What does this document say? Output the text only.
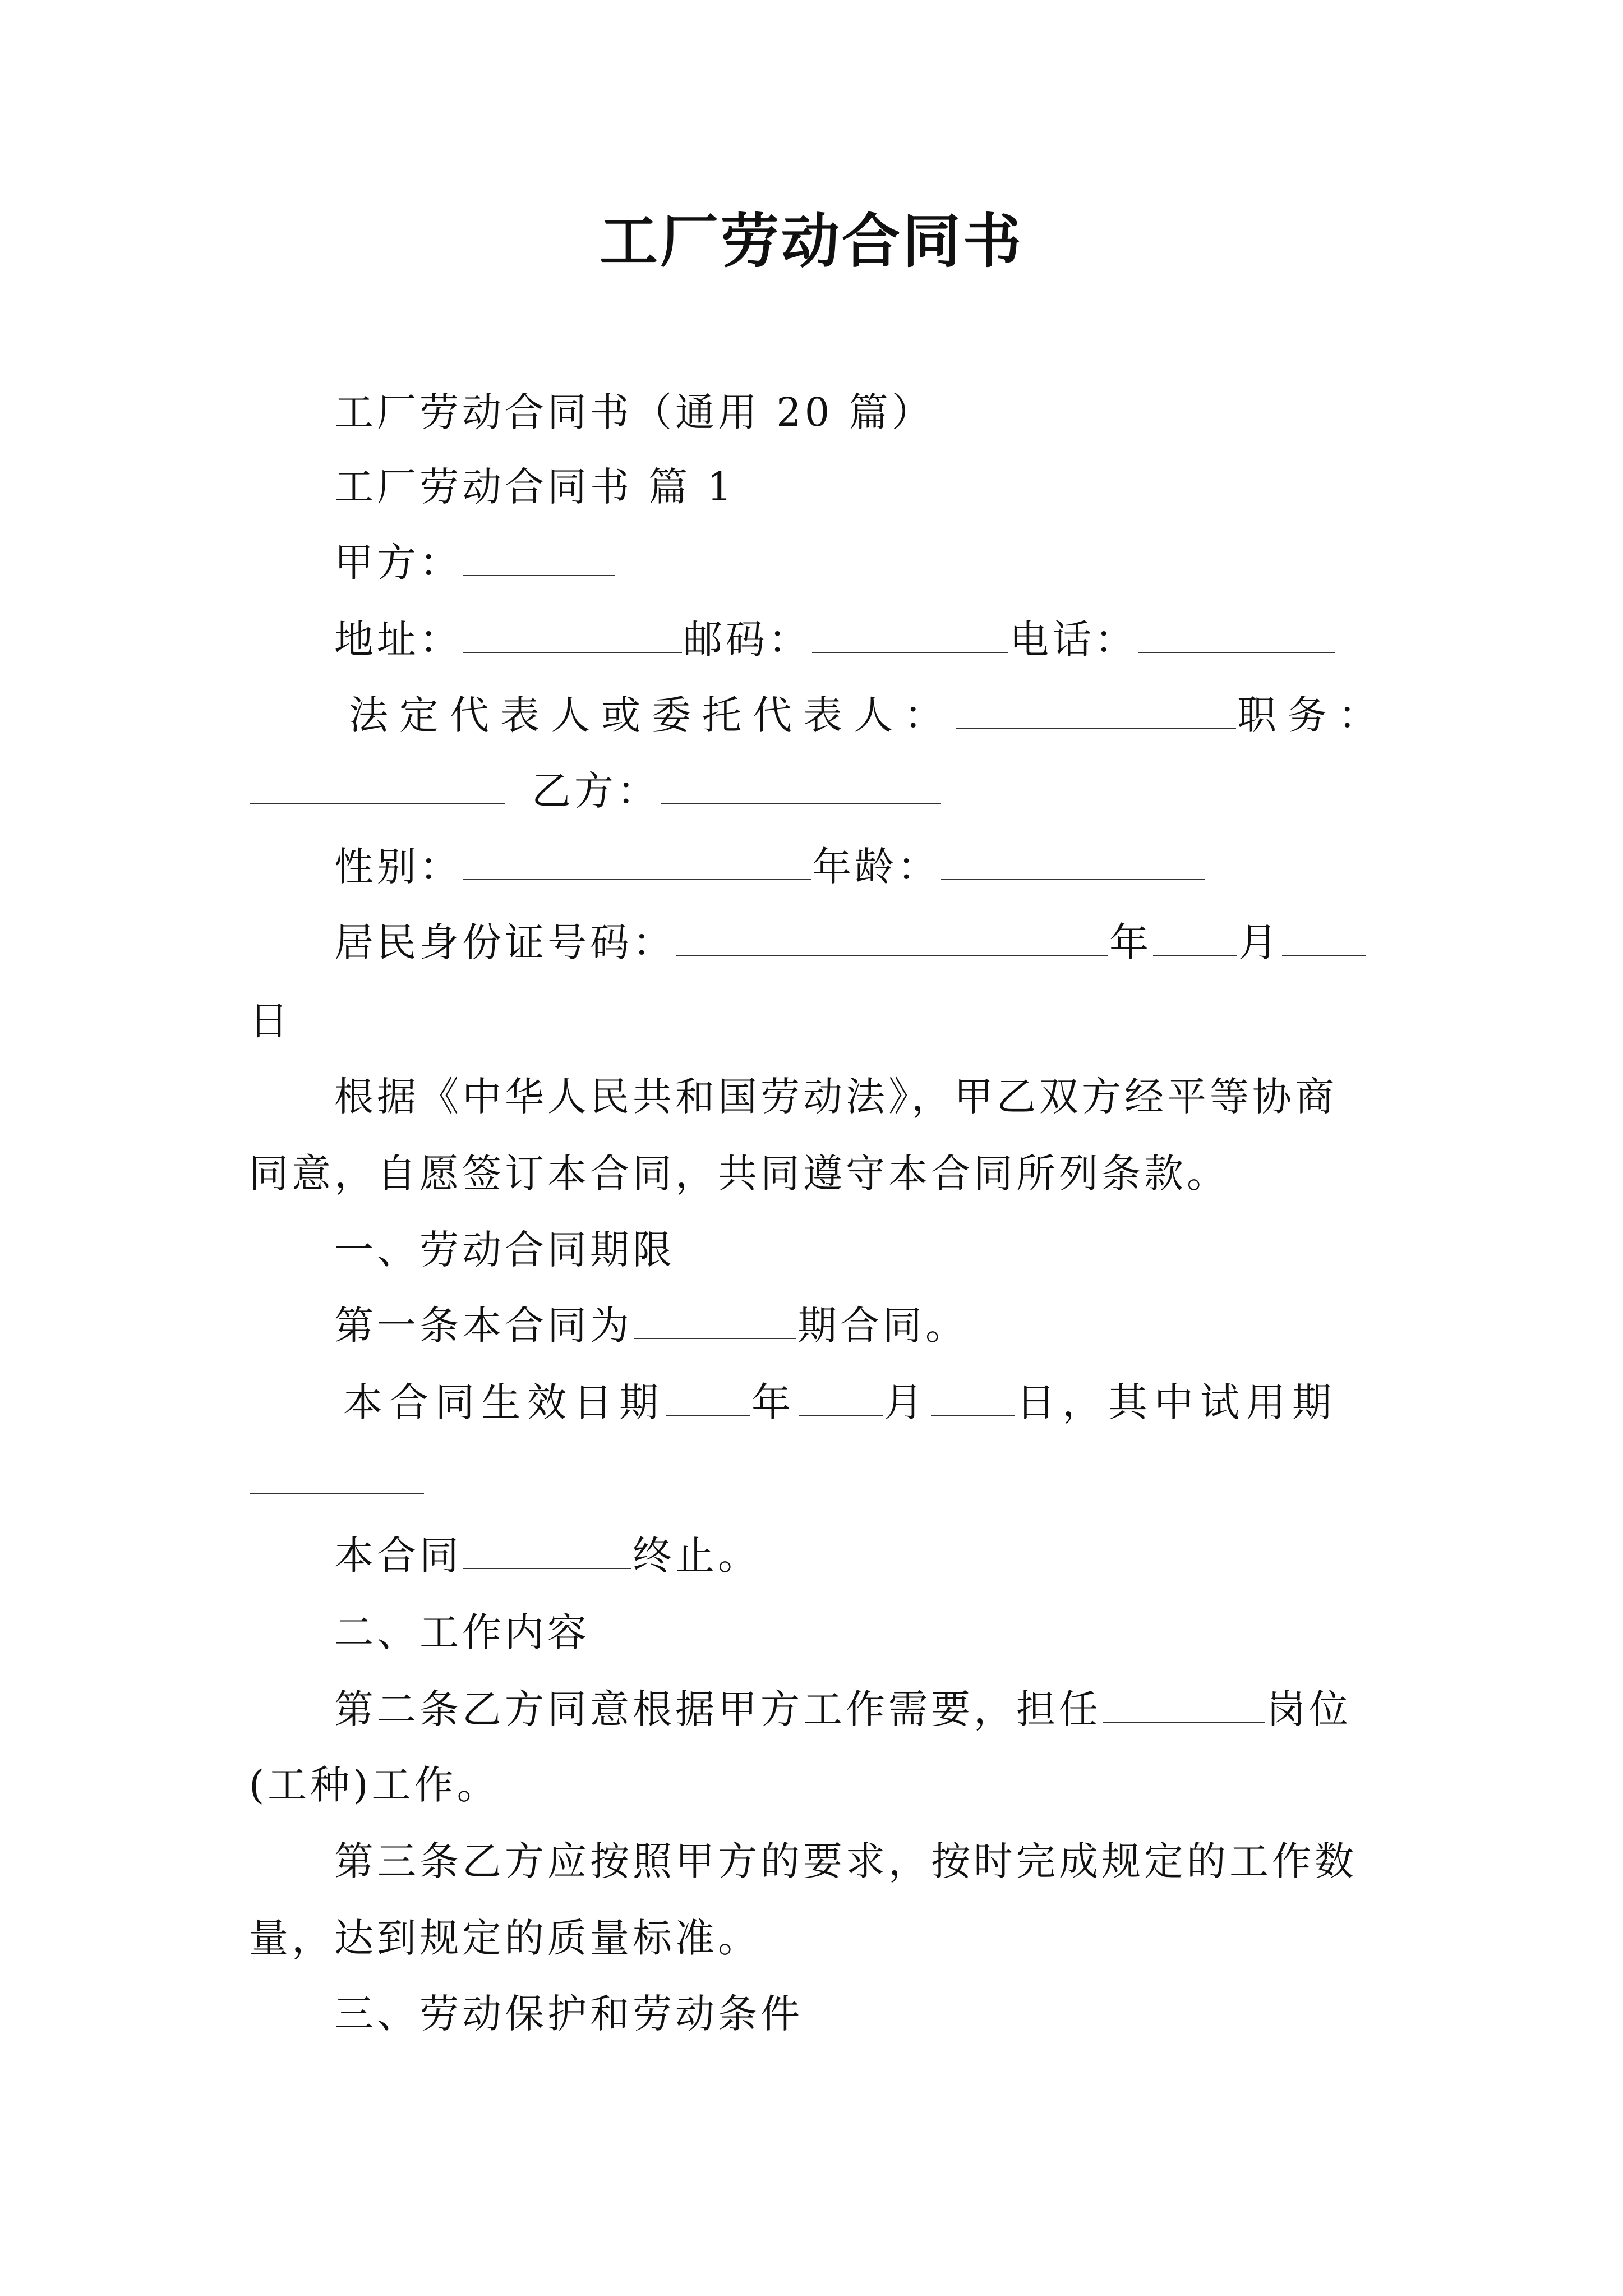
工厂劳动合同书
工厂劳动合同书（通用 20 篇）
工厂劳动合同书 篇 1
甲方：
地址：	邮码：	电话：
法定代表人或委托代表人：	职务：
乙方：
性别：	年龄：
居民身份证号码：	年 月
日
根据《中华人民共和国劳动法》，甲乙双方经平等协商
同意，自愿签订本合同，共同遵守本合同所列条款。
一、劳动合同期限
第一条本合同为	期合同。
本合同生效日期 年 月 日，其中试用期
本合同	终止。
二、工作内容
第二条乙方同意根据甲方工作需要，担任	岗位
(工种)工作。
第三条乙方应按照甲方的要求，按时完成规定的工作数
量，达到规定的质量标准。
三、劳动保护和劳动条件
